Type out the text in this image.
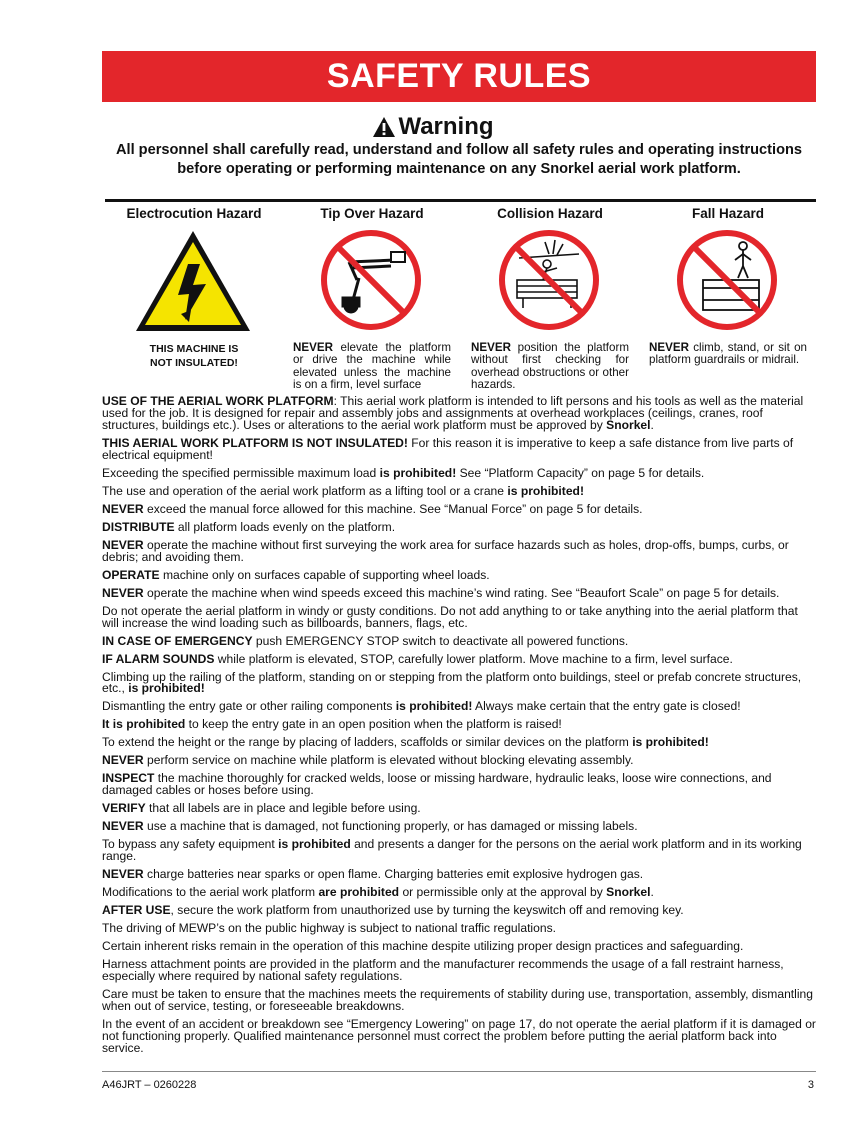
SAFETY RULES
Warning
All personnel shall carefully read, understand and follow all safety rules and operating instructions
before operating or performing maintenance on any Snorkel aerial work platform.
Electrocution Hazard
THIS MACHINE IS
NOT INSULATED!
Tip Over Hazard
NEVER elevate the platform or drive the machine while elevated unless the machine is on a firm, level surface
Collision Hazard
NEVER position the platform without first checking for overhead obstructions or other hazards.
Fall Hazard
NEVER climb, stand, or sit on platform guardrails or midrail.

USE OF THE AERIAL WORK PLATFORM: This aerial work platform is intended to lift persons and his tools as well as the material used for the job. It is designed for repair and assembly jobs and assignments at overhead workplaces (ceilings, cranes, roof structures, buildings etc.). Uses or alterations to the aerial work platform must be approved by Snorkel.

THIS AERIAL WORK PLATFORM IS NOT INSULATED! For this reason it is imperative to keep a safe distance from live parts of electrical equipment!

Exceeding the specified permissible maximum load is prohibited! See “Platform Capacity” on page 5 for details.

The use and operation of the aerial work platform as a lifting tool or a crane is prohibited!

NEVER exceed the manual force allowed for this machine. See “Manual Force” on page 5 for details.

DISTRIBUTE all platform loads evenly on the platform.

NEVER operate the machine without first surveying the work area for surface hazards such as holes, drop-offs, bumps, curbs, or debris; and avoiding them.

OPERATE machine only on surfaces capable of supporting wheel loads.

NEVER operate the machine when wind speeds exceed this machine’s wind rating. See “Beaufort Scale” on page 5 for details.

Do not operate the aerial platform in windy or gusty conditions. Do not add anything to or take anything into the aerial platform that will increase the wind loading such as billboards, banners, flags, etc.

IN CASE OF EMERGENCY push EMERGENCY STOP switch to deactivate all powered functions.

IF ALARM SOUNDS while platform is elevated, STOP, carefully lower platform. Move machine to a firm, level surface.

Climbing up the railing of the platform, standing on or stepping from the platform onto buildings, steel or prefab concrete structures, etc., is prohibited!

Dismantling the entry gate or other railing components is prohibited! Always make certain that the entry gate is closed!

It is prohibited to keep the entry gate in an open position when the platform is raised!

To extend the height or the range by placing of ladders, scaffolds or similar devices on the platform is prohibited!

NEVER perform service on machine while platform is elevated without blocking elevating assembly.

INSPECT the machine thoroughly for cracked welds, loose or missing hardware, hydraulic leaks, loose wire connections, and damaged cables or hoses before using.

VERIFY that all labels are in place and legible before using.

NEVER use a machine that is damaged, not functioning properly, or has damaged or missing labels.

To bypass any safety equipment is prohibited and presents a danger for the persons on the aerial work platform and in its working range.

NEVER charge batteries near sparks or open flame. Charging batteries emit explosive hydrogen gas.

Modifications to the aerial work platform are prohibited or permissible only at the approval by Snorkel.

AFTER USE, secure the work platform from unauthorized use by turning the keyswitch off and removing key.

The driving of MEWP’s on the public highway is subject to national traffic regulations.

Certain inherent risks remain in the operation of this machine despite utilizing proper design practices and safeguarding.

Harness attachment points are provided in the platform and the manufacturer recommends the usage of a fall restraint harness, especially where required by national safety regulations.

Care must be taken to ensure that the machines meets the requirements of stability during use, transportation, assembly, dismantling when out of service, testing, or foreseeable breakdowns.

In the event of an accident or breakdown see “Emergency Lowering” on page 17, do not operate the aerial platform if it is damaged or not functioning properly. Qualified maintenance personnel must correct the problem before putting the aerial platform back into service.

A46JRT – 0260228	3
